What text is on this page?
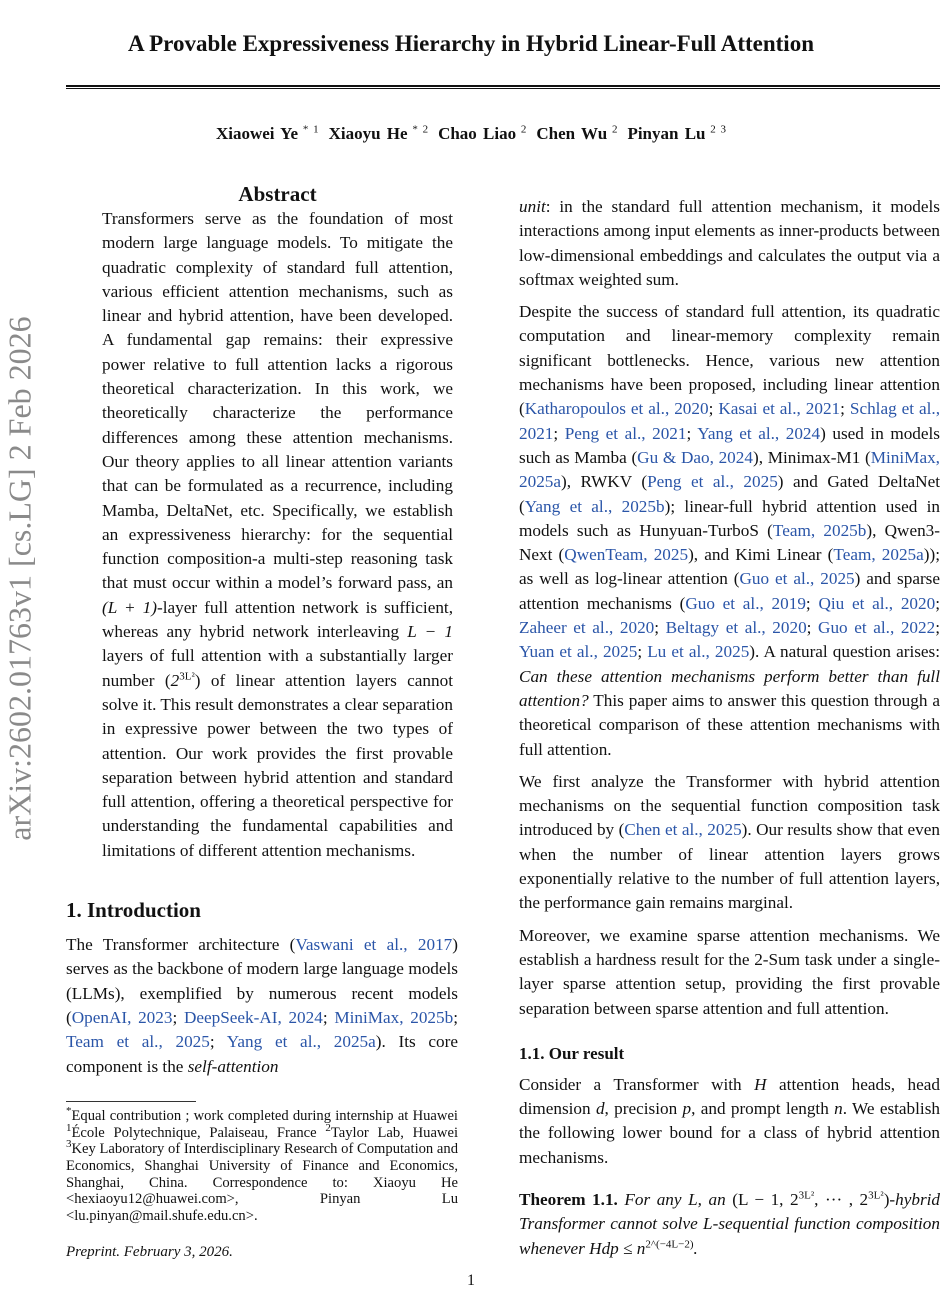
A Provable Expressiveness Hierarchy in Hybrid Linear-Full Attention
Xiaowei Ye $^{* 1}$ Xiaoyu He $^{* 2}$ Chao Liao $^2$ Chen Wu $^2$ Pinyan Lu $^{2 3}$
arXiv:2602.01763v1 [cs.LG] 2 Feb 2026
Abstract

Transformers serve as the foundation of most modern large language models. To mitigate the quadratic complexity of standard full attention, various efficient attention mechanisms, such as linear and hybrid attention, have been developed. A fundamental gap remains: their expressive power relative to full attention lacks a rigorous theoretical characterization. In this work, we theoretically characterize the performance differences among these attention mechanisms. Our theory applies to all linear attention variants that can be formulated as a recurrence, including Mamba, DeltaNet, etc. Specifically, we establish an expressiveness hierarchy: for the sequential function composition-a multi-step reasoning task that must occur within a model’s forward pass, an (L + 1)-layer full attention network is sufficient, whereas any hybrid network interleaving L − 1 layers of full attention with a substantially larger number $(2^{3L^2})$ of linear attention layers cannot solve it. This result demonstrates a clear separation in expressive power between the two types of attention. Our work provides the first provable separation between hybrid attention and standard full attention, offering a theoretical perspective for understanding the fundamental capabilities and limitations of different attention mechanisms.

1. Introduction

The Transformer architecture (Vaswani et al., 2017) serves as the backbone of modern large language models (LLMs), exemplified by numerous recent models (OpenAI, 2023; DeepSeek-AI, 2024; MiniMax, 2025b; Team et al., 2025; Yang et al., 2025a). Its core component is the self-attention

*Equal contribution ; work completed during internship at Huawei $^1$École Polytechnique, Palaiseau, France $^2$Taylor Lab, Huawei $^3$Key Laboratory of Interdisciplinary Research of Computation and Economics, Shanghai University of Finance and Economics, Shanghai, China. Correspondence to: Xiaoyu He <hexiaoyu12@huawei.com>, Pinyan Lu <lu.pinyan@mail.shufe.edu.cn>.
Preprint. February 3, 2026.

unit: in the standard full attention mechanism, it models interactions among input elements as inner-products between low-dimensional embeddings and calculates the output via a softmax weighted sum.

Despite the success of standard full attention, its quadratic computation and linear-memory complexity remain significant bottlenecks. Hence, various new attention mechanisms have been proposed, including linear attention (Katharopoulos et al., 2020; Kasai et al., 2021; Schlag et al., 2021; Peng et al., 2021; Yang et al., 2024) used in models such as Mamba (Gu & Dao, 2024), Minimax-M1 (MiniMax, 2025a), RWKV (Peng et al., 2025) and Gated DeltaNet (Yang et al., 2025b); linear-full hybrid attention used in models such as Hunyuan-TurboS (Team, 2025b), Qwen3-Next (QwenTeam, 2025), and Kimi Linear (Team, 2025a)); as well as log-linear attention (Guo et al., 2025) and sparse attention mechanisms (Guo et al., 2019; Qiu et al., 2020; Zaheer et al., 2020; Beltagy et al., 2020; Guo et al., 2022; Yuan et al., 2025; Lu et al., 2025). A natural question arises: Can these attention mechanisms perform better than full attention? This paper aims to answer this question through a theoretical comparison of these attention mechanisms with full attention.

We first analyze the Transformer with hybrid attention mechanisms on the sequential function composition task introduced by (Chen et al., 2025). Our results show that even when the number of linear attention layers grows exponentially relative to the number of full attention layers, the performance gain remains marginal.

Moreover, we examine sparse attention mechanisms. We establish a hardness result for the 2-Sum task under a single-layer sparse attention setup, providing the first provable separation between sparse attention and full attention.

1.1. Our result

Consider a Transformer with H attention heads, head dimension d, precision p, and prompt length n. We establish the following lower bound for a class of hybrid attention mechanisms.

Theorem 1.1. For any L, an (L − 1, $2^{3L^2}$, ··· , $2^{3L^2}$)-hybrid Transformer cannot solve L-sequential function composition whenever Hdp ≤ $n^{2\^{}(-4L-2)}$.

1
